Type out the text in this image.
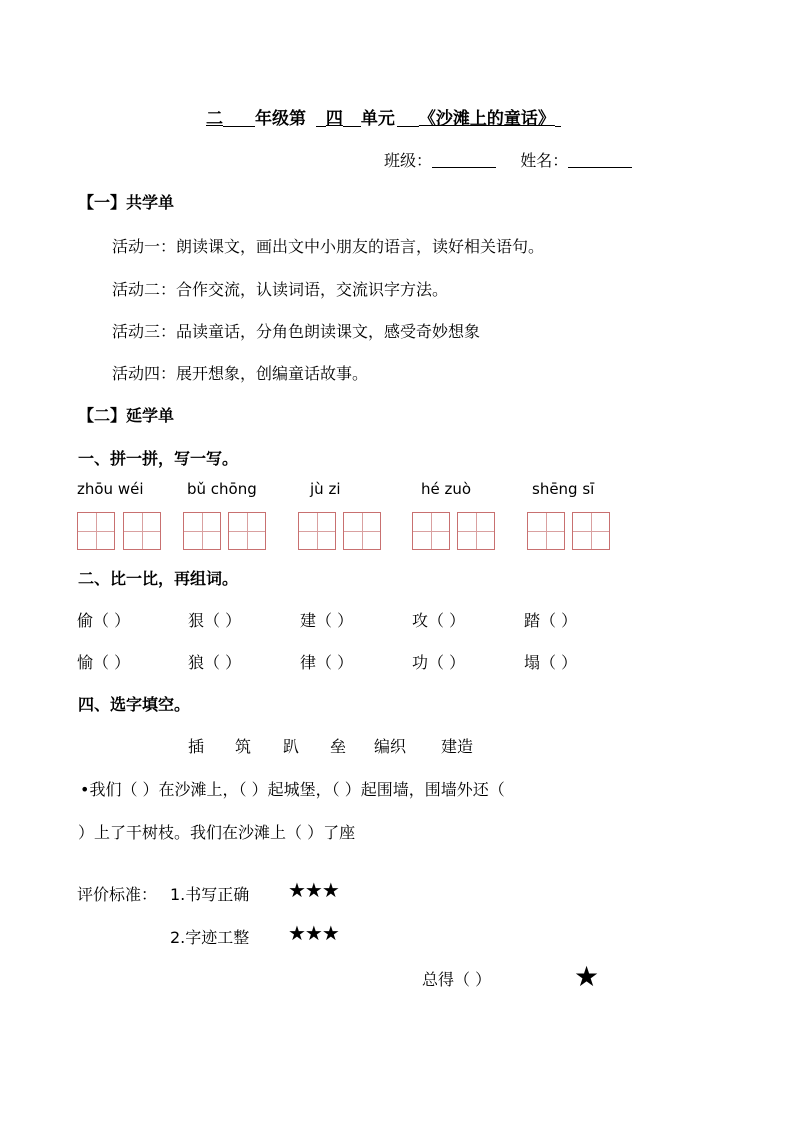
二 年级第 四 单元 《沙滩上的童话》
班级：	姓名：
【一】共学单
活动一：朗读课文，画出文中小朋友的语言，读好相关语句。
活动二：合作交流，认读词语，交流识字方法。
活动三：品读童话，分角色朗读课文，感受奇妙想象
活动四：展开想象，创编童话故事。
【二】延学单
一、拼一拼，写一写。
zhōu wéi	bǔ chōng	jù zi	hé zuò	shēng sī
二、比一比，再组词。
偷（ ）	狠（ ）	建（ ）	攻（ ）	踏（ ）
愉（ ）	狼（ ）	律（ ）	功（ ）	塌（ ）
四、选字填空。
插 筑 趴 垒 编织 建造
•我们（ ）在沙滩上，（ ）起城堡，（ ）起围墙，围墙外还（
）上了干树枝。我们在沙滩上（ ）了座
评价标准： 1.书写正确 ★★★
2.字迹工整 ★★★
总得（ ）	★
